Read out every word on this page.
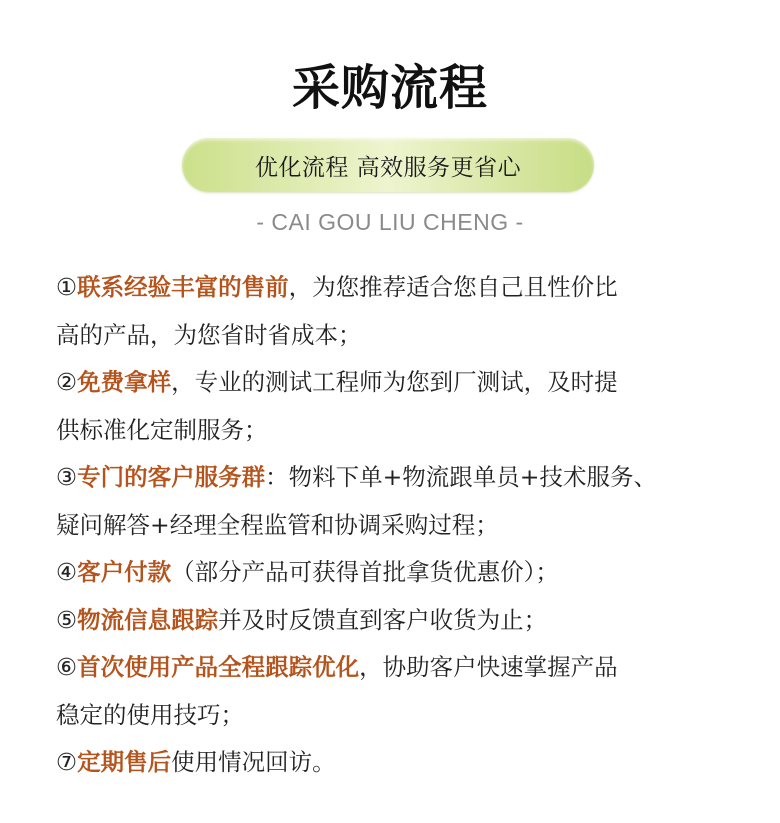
采购流程
优化流程 高效服务更省心
- CAI GOU LIU CHENG -
①联系经验丰富的售前，为您推荐适合您自己且性价比
高的产品，为您省时省成本；
②免费拿样，专业的测试工程师为您到厂测试，及时提
供标准化定制服务；
③专门的客户服务群：物料下单+物流跟单员+技术服务、
疑问解答+经理全程监管和协调采购过程；
④客户付款（部分产品可获得首批拿货优惠价）；
⑤物流信息跟踪并及时反馈直到客户收货为止；
⑥首次使用产品全程跟踪优化，协助客户快速掌握产品
稳定的使用技巧；
⑦定期售后使用情况回访。
